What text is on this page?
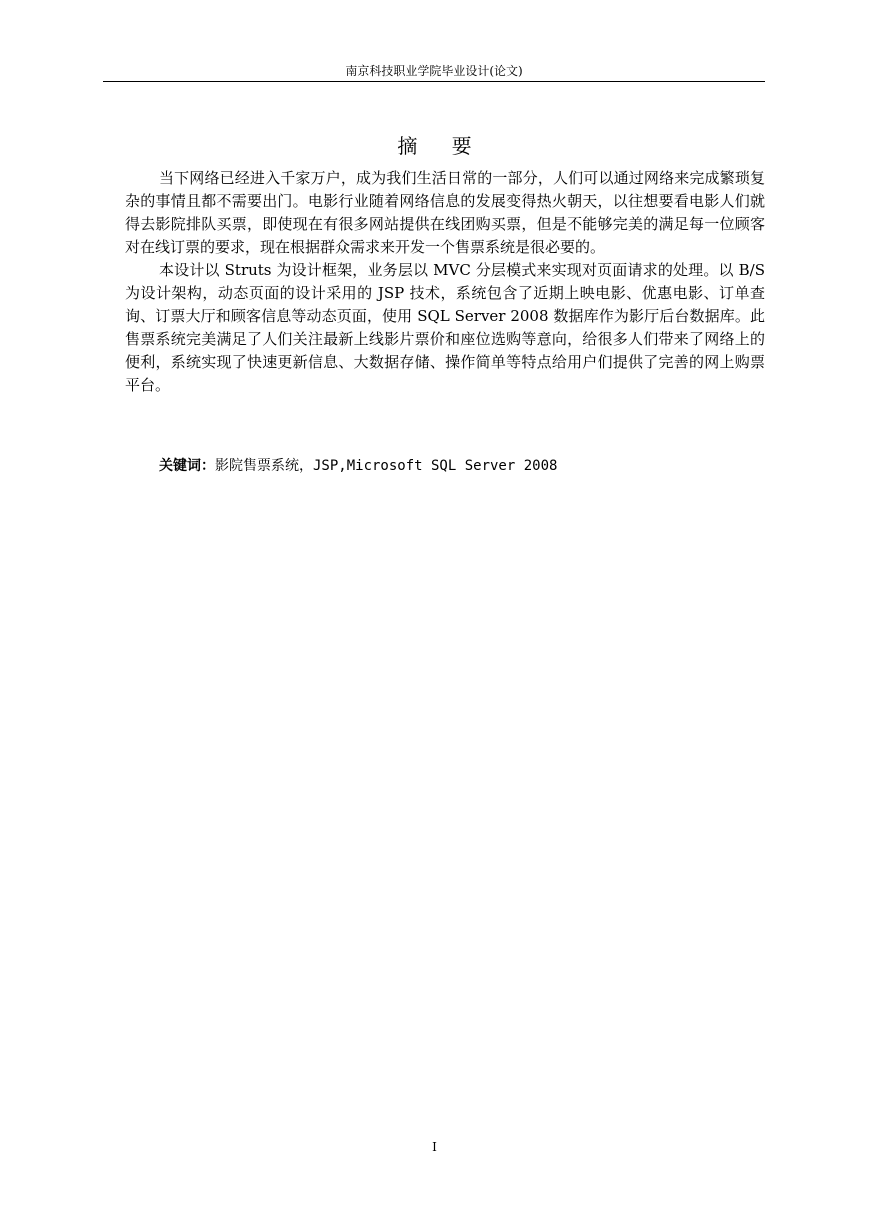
南京科技职业学院毕业设计(论文)
摘 要

当下网络已经进入千家万户，成为我们生活日常的一部分，人们可以通过网络来完成繁琐复杂的事情且都不需要出门。电影行业随着网络信息的发展变得热火朝天，以往想要看电影人们就得去影院排队买票，即使现在有很多网站提供在线团购买票，但是不能够完美的满足每一位顾客对在线订票的要求，现在根据群众需求来开发一个售票系统是很必要的。

本设计以 Struts 为设计框架，业务层以 MVC 分层模式来实现对页面请求的处理。以 B/S 为设计架构，动态页面的设计采用的 JSP 技术，系统包含了近期上映电影、优惠电影、订单查询、订票大厅和顾客信息等动态页面，使用 SQL Server 2008 数据库作为影厅后台数据库。此售票系统完美满足了人们关注最新上线影片票价和座位选购等意向，给很多人们带来了网络上的便利，系统实现了快速更新信息、大数据存储、操作简单等特点给用户们提供了完善的网上购票平台。

关键词：影院售票系统，JSP,Microsoft SQL Server 2008
I
